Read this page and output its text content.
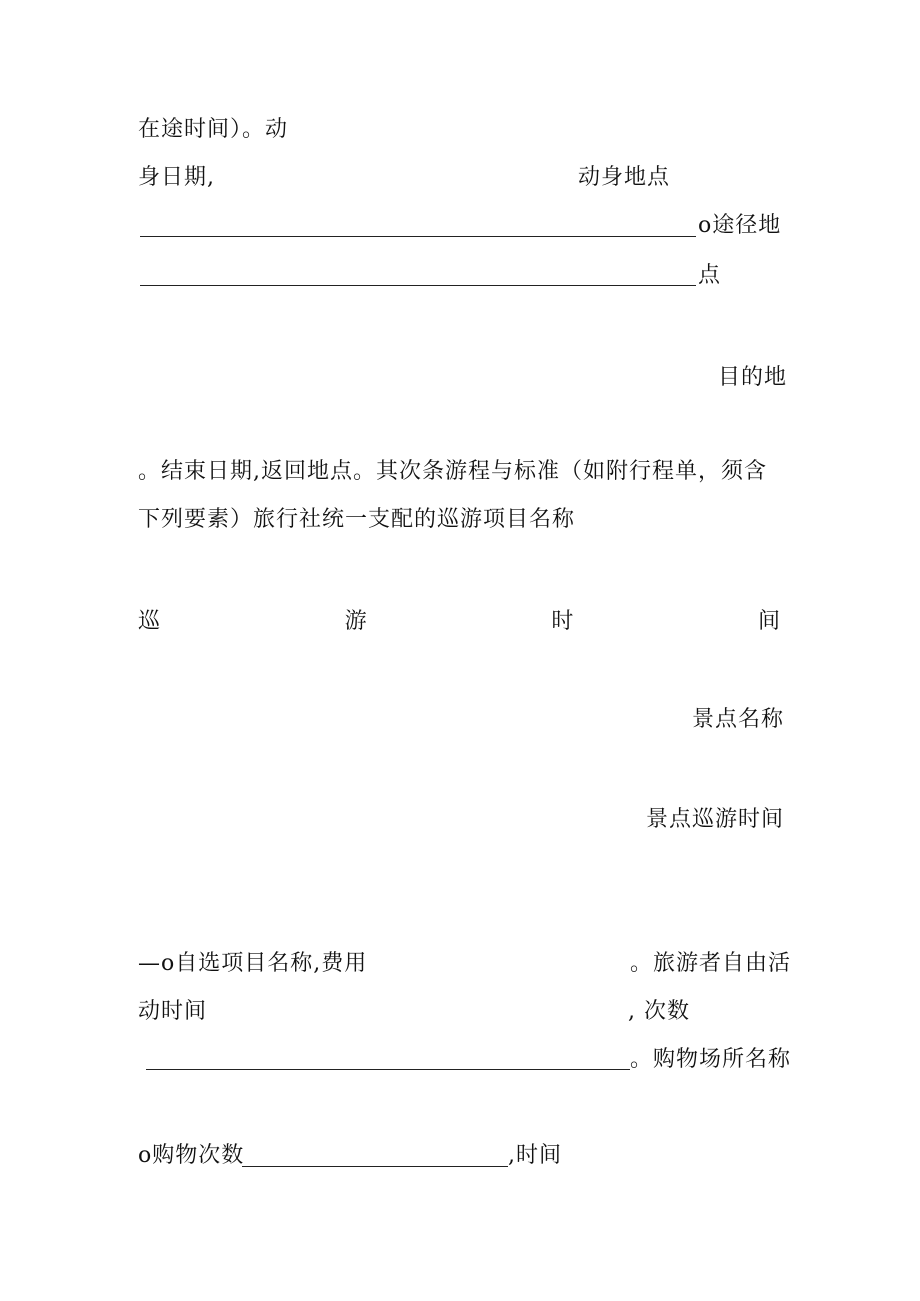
在途时间）。动
身日期,	动身地点
o途径地
点
目的地
。结束日期,返回地点。其次条游程与标准（如附行程单，须含
下列要素）旅行社统一支配的巡游项目名称
巡	游	时	间
景点名称
景点巡游时间
—o自选项目名称,费用	。旅游者自由活
动时间	, 次数
。购物场所名称
o购物次数	,时间
